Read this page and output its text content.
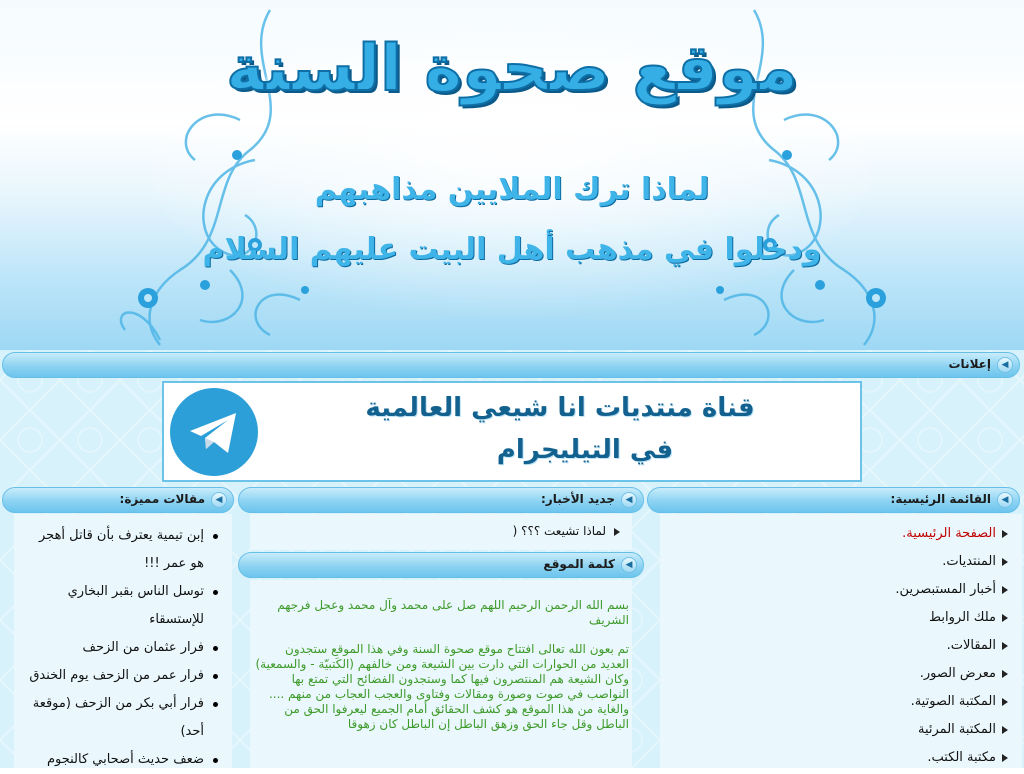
موقع صحوة السنة
لماذا ترك الملايين مذاهبهم
ودخلوا في مذهب أهل البيت عليهم السلام
◀
إعلانات
قناة منتديات انا شيعي العالمية
في التيليجرام
◀
القائمة الرئيسية:
الصفحة الرئيسية.
المنتديات.
أخبار المستبصرين.
ملك الروابط
المقالات.
معرض الصور.
المكتبة الصوتية.
المكتبة المرئية
مكتبة الكتب.
◀
جديد الأخبار:
لماذا تشيعت ؟؟؟ (
◀
كلمة الموقع
بسم الله الرحمن الرحيم اللهم صل على محمد وآل محمد وعجل فرجهم الشريف
تم بعون الله تعالى افتتاح موقع صحوة السنة وفي هذا الموقع ستجدون العديد من الحوارات التي دارت بين الشيعة ومن خالفهم (الكَتبيّة - والسمعية) وكان الشيعة هم المنتصرون فيها كما وستجدون الفضائح التي تمتع بها النواصب في صوت وصورة ومقالات وفتاوى والعجب العجاب من منهم .... والغاية من هذا الموقع هو كشف الحقائق أمام الجميع ليعرفوا الحق من الباطل وقل جاء الحق وزهق الباطل إن الباطل كان زهوقا
◀
مقالات مميزة:
إبن تيمية يعترف بأن قاتل أهجر هو عمر !!!
توسل الناس بقبر البخاري للإستسقاء
فرار عثمان من الزحف
فرار عمر من الزحف يوم الخندق
فرار أبي بكر من الزحف (موقعة أحد)
ضعف حديث أصحابي كالنجوم
